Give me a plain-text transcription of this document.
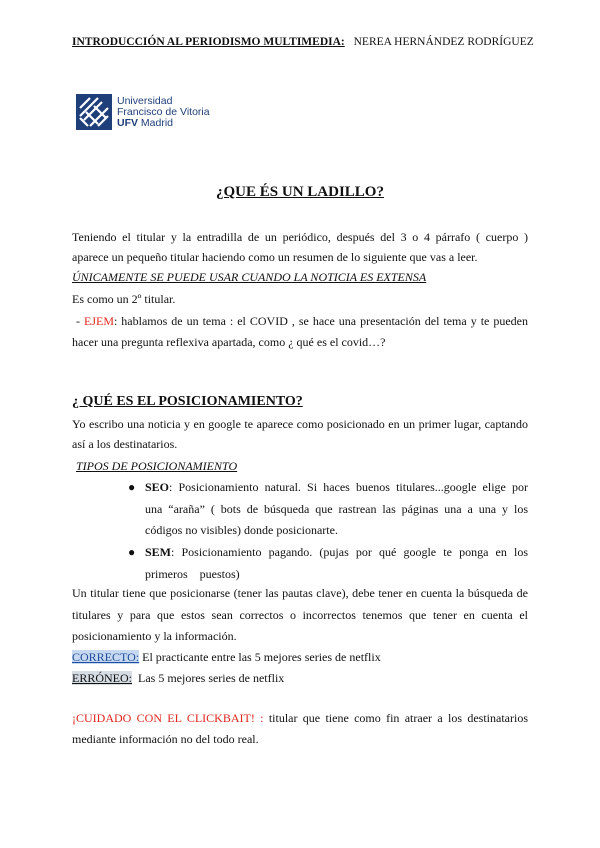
INTRODUCCIÓN AL PERIODISMO MULTIMEDIA: NEREA HERNÁNDEZ RODRÍGUEZ
Universidad
Francisco de Vitoria
UFV Madrid
¿QUE ÉS UN LADILLO?
Teniendo el titular y la entradilla de un periódico, después del 3 o 4 párrafo ( cuerpo )
aparece un pequeño titular haciendo como un resumen de lo siguiente que vas a leer.
ÚNICAMENTE SE PUEDE USAR CUANDO LA NOTICIA ES EXTENSA
Es como un 2º titular.
- EJEM: hablamos de un tema : el COVID , se hace una presentación del tema y te pueden
hacer una pregunta reflexiva apartada, como ¿ qué es el covid…?
¿ QUÉ ES EL POSICIONAMIENTO?
Yo escribo una noticia y en google te aparece como posicionado en un primer lugar, captando
así a los destinatarios.
TIPOS DE POSICIONAMIENTO
● SEO: Posicionamiento natural. Si haces buenos titulares...google elige por
una “araña” ( bots de búsqueda que rastrean las páginas una a una y los
códigos no visibles) donde posicionarte.
● SEM: Posicionamiento pagando. (pujas por qué google te ponga en los
primeros    puestos)
Un titular tiene que posicionarse (tener las pautas clave), debe tener en cuenta la búsqueda de
titulares y para que estos sean correctos o incorrectos tenemos que tener en cuenta el
posicionamiento y la información.
CORRECTO: El practicante entre las 5 mejores series de netflix
ERRÓNEO:  Las 5 mejores series de netflix
¡CUIDADO CON EL CLICKBAIT! : titular que tiene como fin atraer a los destinatarios
mediante información no del todo real.
